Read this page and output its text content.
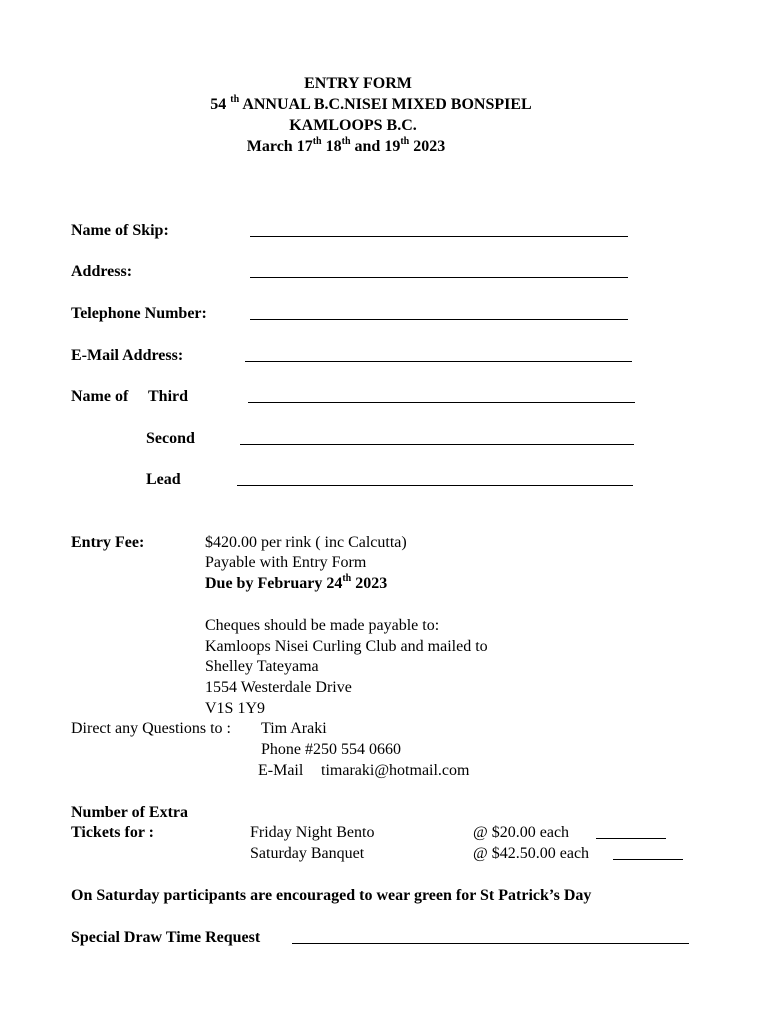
ENTRY FORM
54 $^{th}$ ANNUAL B.C.NISEI MIXED BONSPIEL
KAMLOOPS B.C.
March 17th 18th and 19th 2023
Name of Skip:
Address:
Telephone Number:
E-Mail Address:
Name of Third
Second
Lead
Entry Fee:	$420.00 per rink ( inc Calcutta)
Payable with Entry Form
Due by February 24th 2023
Cheques should be made payable to:
Kamloops Nisei Curling Club and mailed to
Shelley Tateyama
1554 Westerdale Drive
V1S 1Y9
Direct any Questions to : Tim Araki
Phone #250 554 0660
E-Mail timaraki@hotmail.com
Number of Extra
Tickets for :	Friday Night Bento	@ $20.00 each
Saturday Banquet	@ $42.50.00 each
On Saturday participants are encouraged to wear green for St Patrick’s Day
Special Draw Time Request
